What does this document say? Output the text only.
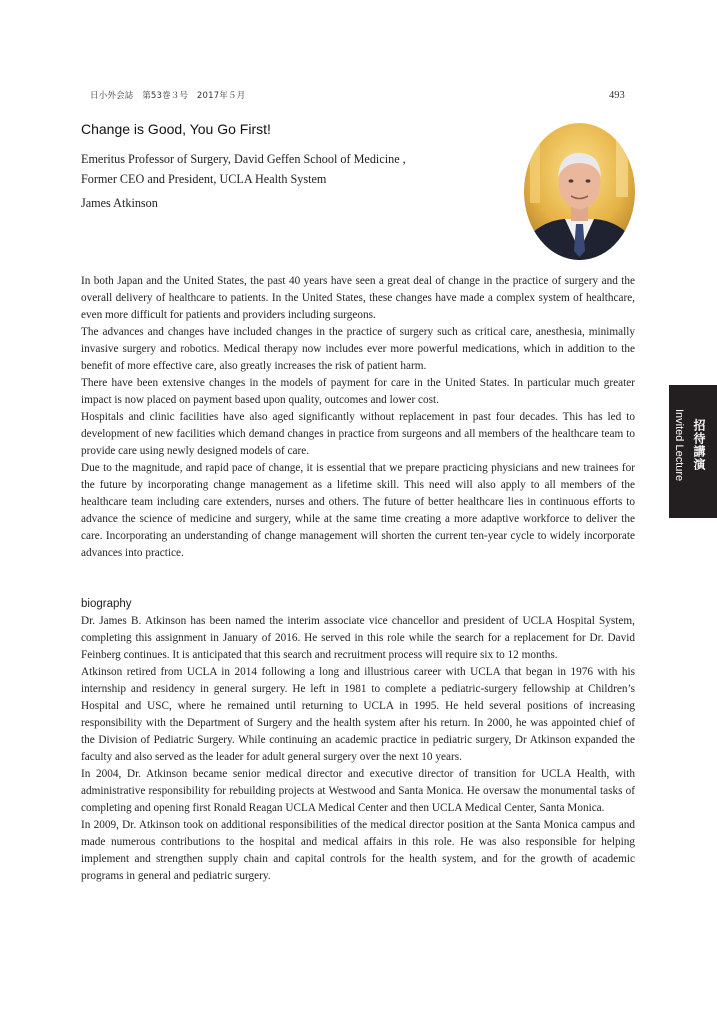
日小外会誌　第53巻３号　2017年５月	493
Change is Good, You Go First!
Emeritus Professor of Surgery, David Geffen School of Medicine ,
Former CEO and President, UCLA Health System
James Atkinson
招待講演
Invited Lecture

In both Japan and the United States, the past 40 years have seen a great deal of change in the practice of surgery and the overall delivery of healthcare to patients. In the United States, these changes have made a complex system of healthcare, even more difficult for patients and providers including surgeons.

The advances and changes have included changes in the practice of surgery such as critical care, anesthesia, minimally invasive surgery and robotics. Medical therapy now includes ever more powerful medications, which in addition to the benefit of more effective care, also greatly increases the risk of patient harm.

There have been extensive changes in the models of payment for care in the United States. In particular much greater impact is now placed on payment based upon quality, outcomes and lower cost.

Hospitals and clinic facilities have also aged significantly without replacement in past four decades. This has led to development of new facilities which demand changes in practice from surgeons and all members of the healthcare team to provide care using newly designed models of care.

Due to the magnitude, and rapid pace of change, it is essential that we prepare practicing physicians and new trainees for the future by incorporating change management as a lifetime skill. This need will also apply to all members of the healthcare team including care extenders, nurses and others. The future of better healthcare lies in continuous efforts to advance the science of medicine and surgery, while at the same time creating a more adaptive workforce to deliver the care. Incorporating an understanding of change management will shorten the current ten-year cycle to widely incorporate advances into practice.

biography

Dr. James B. Atkinson has been named the interim associate vice chancellor and president of UCLA Hospital System, completing this assignment in January of 2016. He served in this role while the search for a replacement for Dr. David Feinberg continues. It is anticipated that this search and recruitment process will require six to 12 months.

Atkinson retired from UCLA in 2014 following a long and illustrious career with UCLA that began in 1976 with his internship and residency in general surgery. He left in 1981 to complete a pediatric-surgery fellowship at Children’s Hospital and USC, where he remained until returning to UCLA in 1995. He held several positions of increasing responsibility with the Department of Surgery and the health system after his return. In 2000, he was appointed chief of the Division of Pediatric Surgery. While continuing an academic practice in pediatric surgery, Dr Atkinson expanded the faculty and also served as the leader for adult general surgery over the next 10 years.

In 2004, Dr. Atkinson became senior medical director and executive director of transition for UCLA Health, with administrative responsibility for rebuilding projects at Westwood and Santa Monica. He oversaw the monumental tasks of completing and opening first Ronald Reagan UCLA Medical Center and then UCLA Medical Center, Santa Monica.

In 2009, Dr. Atkinson took on additional responsibilities of the medical director position at the Santa Monica campus and made numerous contributions to the hospital and medical affairs in this role. He was also responsible for helping implement and strengthen supply chain and capital controls for the health system, and for the growth of academic programs in general and pediatric surgery.
